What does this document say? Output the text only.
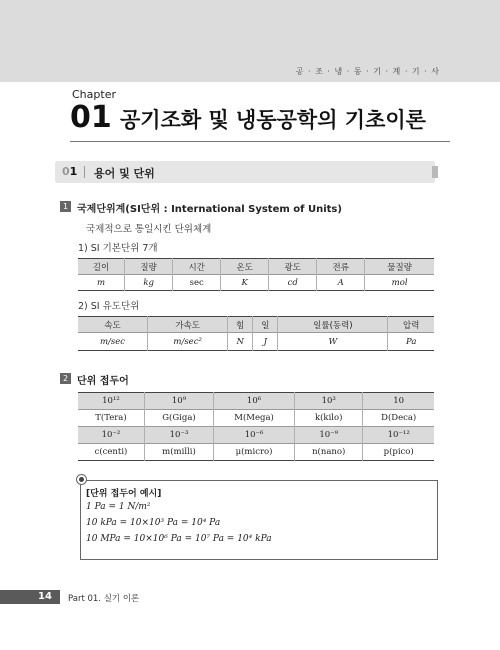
공 · 조 · 냉 · 동 · 기 · 계 · 기 · 사
Chapter
01 공기조화 및 냉동공학의 기초이론
01 용어 및 단위
1 국제단위계(SI단위 : International System of Units)
국제적으로 통일시킨 단위체계
1) SI 기본단위 7개
길이	질량	시간	온도	광도	전류	물질량
m	kg	sec	K	cd	A	mol
2) SI 유도단위
속도	가속도	힘	일	일률(동력)	압력
m/sec	m/sec²	N	J	W	Pa
2 단위 접두어
10¹²	10⁹	10⁶	10³	10
T(Tera)	G(Giga)	M(Mega)	k(kilo)	D(Deca)
10⁻²	10⁻³	10⁻⁶	10⁻⁹	10⁻¹²
c(centi)	m(milli)	μ(micro)	n(nano)	p(pico)
[단위 접두어 예시]
1 Pa = 1 N/m²
10 kPa = 10×10³ Pa = 10⁴ Pa
10 MPa = 10×10⁶ Pa = 10⁷ Pa = 10⁴ kPa
14 Part 01. 실기 이론
